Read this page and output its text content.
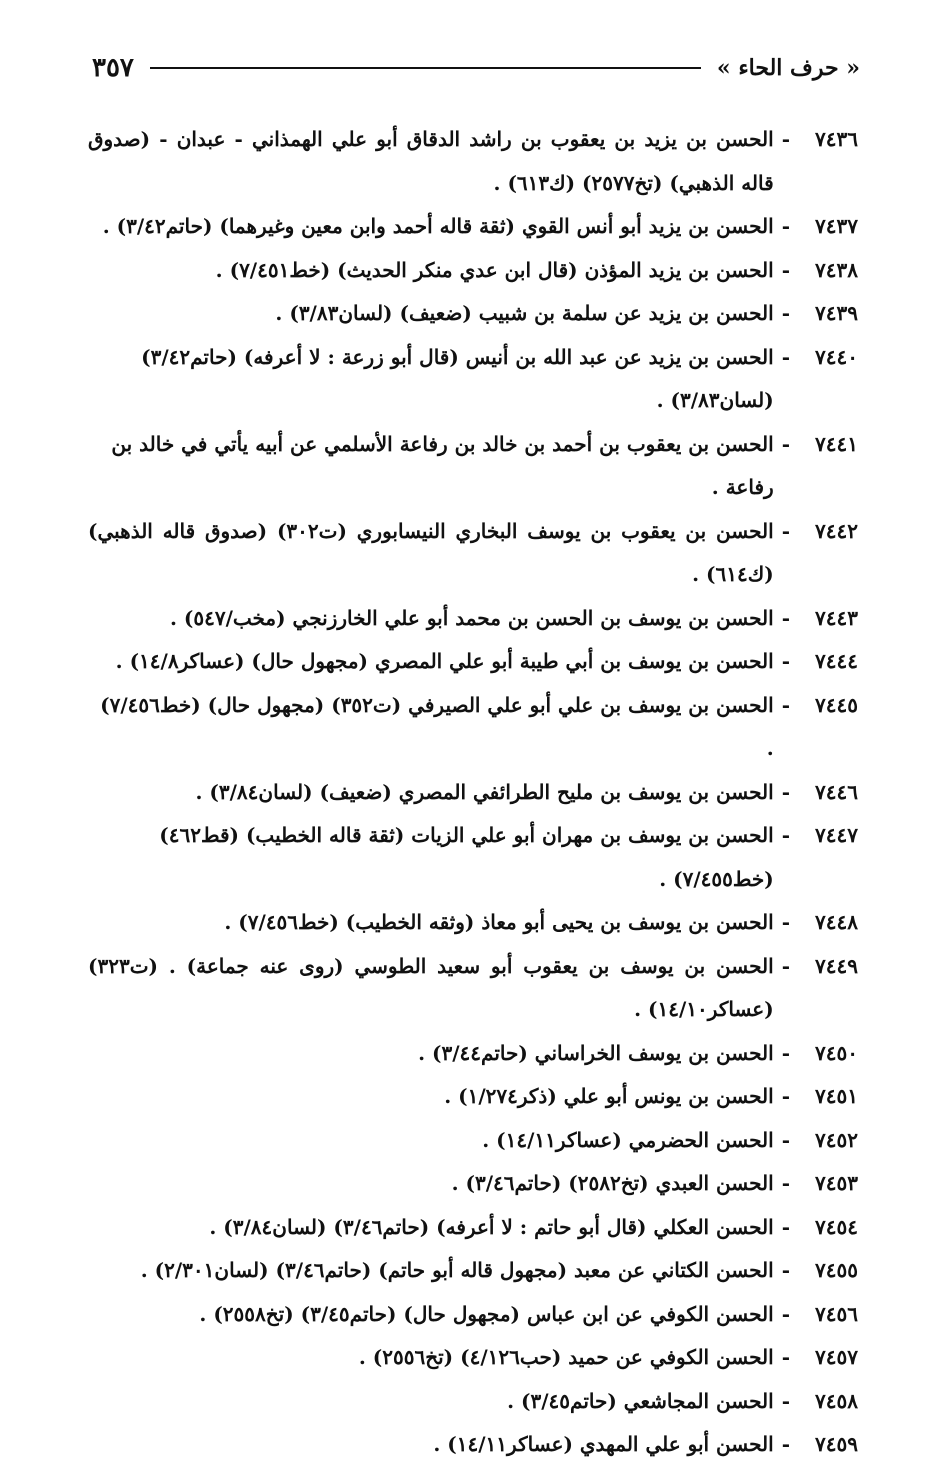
« حرف الحاء »
٣٥٧
٧٤٣٦
-
الحسن بن يزيد بن يعقوب بن راشد الدقاق أبو علي الهمذاني - عبدان - (صدوق قاله الذهبي) (تخ٢٥٧٧) (ك٦١٣) .
٧٤٣٧
-
الحسن بن يزيد أبو أنس القوي (ثقة قاله أحمد وابن معين وغيرهما) (حاتم٣/٤٢) .
٧٤٣٨
-
الحسن بن يزيد المؤذن (قال ابن عدي منكر الحديث) (خط٧/٤٥١) .
٧٤٣٩
-
الحسن بن يزيد عن سلمة بن شبيب (ضعيف) (لسان٣/٨٣) .
٧٤٤٠
-
الحسن بن يزيد عن عبد الله بن أنيس (قال أبو زرعة : لا أعرفه) (حاتم٣/٤٢) (لسان٣/٨٣) .
٧٤٤١
-
الحسن بن يعقوب بن أحمد بن خالد بن رفاعة الأسلمي عن أبيه يأتي في خالد بن رفاعة .
٧٤٤٢
-
الحسن بن يعقوب بن يوسف البخاري النيسابوري (ت٣٠٢) (صدوق قاله الذهبي) (ك٦١٤) .
٧٤٤٣
-
الحسن بن يوسف بن الحسن بن محمد أبو علي الخارزنجي (مخب/٥٤٧) .
٧٤٤٤
-
الحسن بن يوسف بن أبي طيبة أبو علي المصري (مجهول حال) (عساكر١٤/٨) .
٧٤٤٥
-
الحسن بن يوسف بن علي أبو علي الصيرفي (ت٣٥٢) (مجهول حال) (خط٧/٤٥٦) .
٧٤٤٦
-
الحسن بن يوسف بن مليح الطرائفي المصري (ضعيف) (لسان٣/٨٤) .
٧٤٤٧
-
الحسن بن يوسف بن مهران أبو علي الزيات (ثقة قاله الخطيب) (قط٤٦٢) (خط٧/٤٥٥) .
٧٤٤٨
-
الحسن بن يوسف بن يحيى أبو معاذ (وثقه الخطيب) (خط٧/٤٥٦) .
٧٤٤٩
-
الحسن بن يوسف بن يعقوب أبو سعيد الطوسي (روى عنه جماعة) . (ت٣٢٣) (عساكر١٤/١٠) .
٧٤٥٠
-
الحسن بن يوسف الخراساني (حاتم٣/٤٤) .
٧٤٥١
-
الحسن بن يونس أبو علي (ذكر١/٢٧٤) .
٧٤٥٢
-
الحسن الحضرمي (عساكر١٤/١١) .
٧٤٥٣
-
الحسن العبدي (تخ٢٥٨٢) (حاتم٣/٤٦) .
٧٤٥٤
-
الحسن العكلي (قال أبو حاتم : لا أعرفه) (حاتم٣/٤٦) (لسان٣/٨٤) .
٧٤٥٥
-
الحسن الكتاني عن معبد (مجهول قاله أبو حاتم) (حاتم٣/٤٦) (لسان٢/٣٠١) .
٧٤٥٦
-
الحسن الكوفي عن ابن عباس (مجهول حال) (حاتم٣/٤٥) (تخ٢٥٥٨) .
٧٤٥٧
-
الحسن الكوفي عن حميد (حب٤/١٢٦) (تخ٢٥٥٦) .
٧٤٥٨
-
الحسن المجاشعي (حاتم٣/٤٥) .
٧٤٥٩
-
الحسن أبو علي المهدي (عساكر١٤/١١) .
